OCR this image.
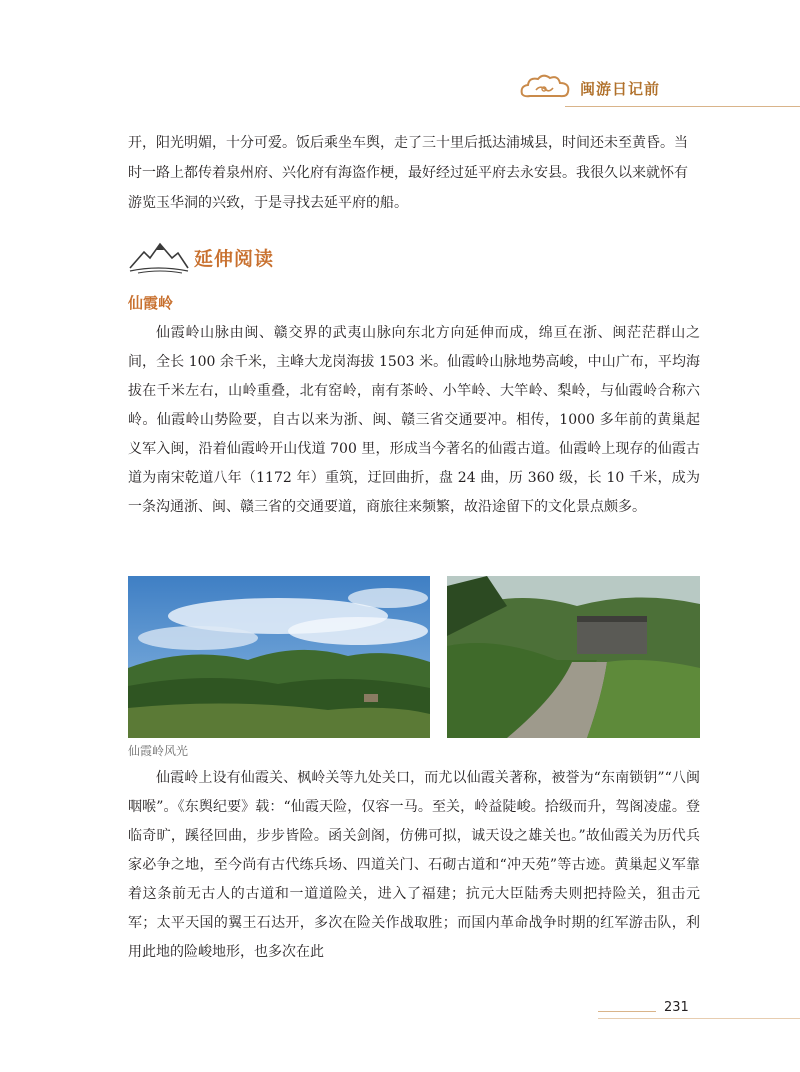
闽游日记前

开，阳光明媚，十分可爱。饭后乘坐车舆，走了三十里后抵达浦城县，时间还未至黄昏。当时一路上都传着泉州府、兴化府有海盗作梗，最好经过延平府去永安县。我很久以来就怀有游览玉华洞的兴致，于是寻找去延平府的船。

延伸阅读
仙霞岭

仙霞岭山脉由闽、赣交界的武夷山脉向东北方向延伸而成，绵亘在浙、闽茫茫群山之间，全长 100 余千米，主峰大龙岗海拔 1503 米。仙霞岭山脉地势高峻，中山广布，平均海拔在千米左右，山岭重叠，北有窑岭，南有茶岭、小竿岭、大竿岭、梨岭，与仙霞岭合称六岭。仙霞岭山势险要，自古以来为浙、闽、赣三省交通要冲。相传，1000 多年前的黄巢起义军入闽，沿着仙霞岭开山伐道 700 里，形成当今著名的仙霞古道。仙霞岭上现存的仙霞古道为南宋乾道八年（1172 年）重筑，迂回曲折，盘 24 曲，历 360 级，长 10 千米，成为一条沟通浙、闽、赣三省的交通要道，商旅往来频繁，故沿途留下的文化景点颇多。

仙霞岭风光

仙霞岭上设有仙霞关、枫岭关等九处关口，而尤以仙霞关著称，被誉为“东南锁钥”“八闽咽喉”。《东舆纪要》载：“仙霞天险，仅容一马。至关，岭益陡峻。拾级而升，驾阁凌虚。登临奇旷，蹊径回曲，步步皆险。函关剑阁，仿佛可拟，诚天设之雄关也。”故仙霞关为历代兵家必争之地，至今尚有古代练兵场、四道关门、石砌古道和“冲天苑”等古迹。黄巢起义军靠着这条前无古人的古道和一道道险关，进入了福建；抗元大臣陆秀夫则把持险关，狙击元军；太平天国的翼王石达开，多次在险关作战取胜；而国内革命战争时期的红军游击队，利用此地的险峻地形，也多次在此

231
